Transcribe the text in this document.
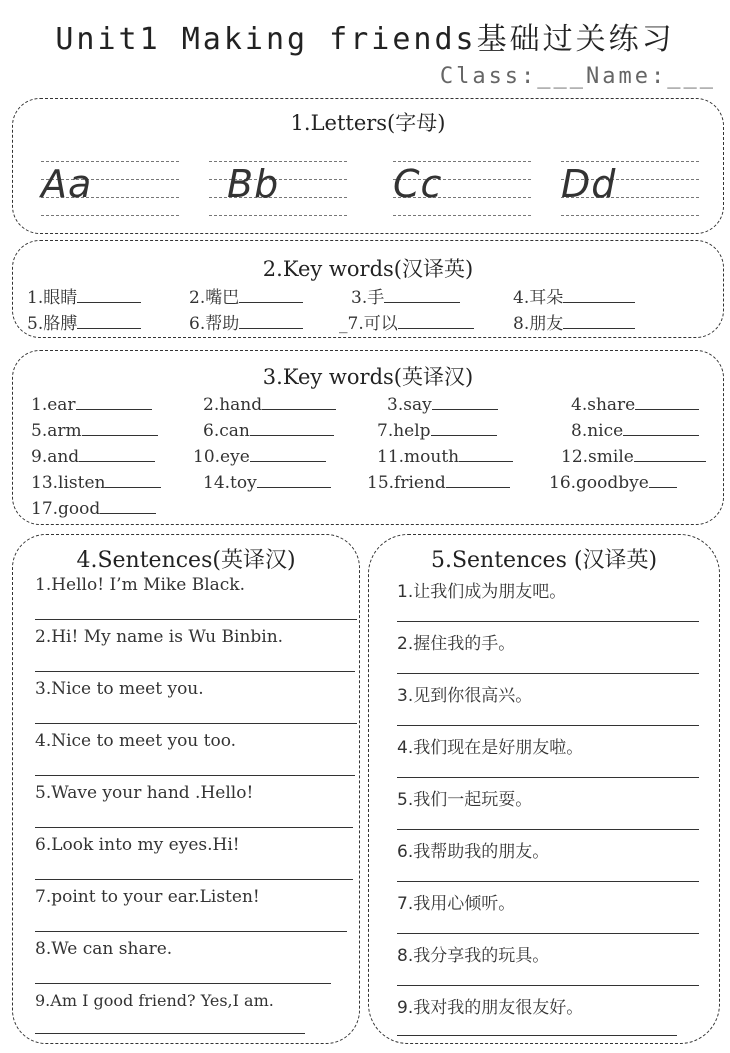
Unit1 Making friends基础过关练习
Class:___Name:___
1.Letters(字母)
Aa	Bb	Cc	Dd
2.Key words(汉译英)
1.眼睛	2.嘴巴	3.手	4.耳朵
5.胳膊	6.帮助	_7.可以	8.朋友
3.Key words(英译汉)
1.ear	2.hand	3.say	4.share
5.arm	6.can	7.help	8.nice
9.and	10.eye	11.mouth	12.smile
13.listen	14.toy	15.friend	16.goodbye
17.good
4.Sentences(英译汉)
1.Hello! I’m Mike Black.
2.Hi! My name is Wu Binbin.
3.Nice to meet you.
4.Nice to meet you too.
5.Wave your hand .Hello!
6.Look into my eyes.Hi!
7.point to your ear.Listen!
8.We can share.
9.Am I good friend? Yes,I am.
5.Sentences (汉译英)
1.让我们成为朋友吧。
2.握住我的手。
3.见到你很高兴。
4.我们现在是好朋友啦。
5.我们一起玩耍。
6.我帮助我的朋友。
7.我用心倾听。
8.我分享我的玩具。
9.我对我的朋友很友好。
